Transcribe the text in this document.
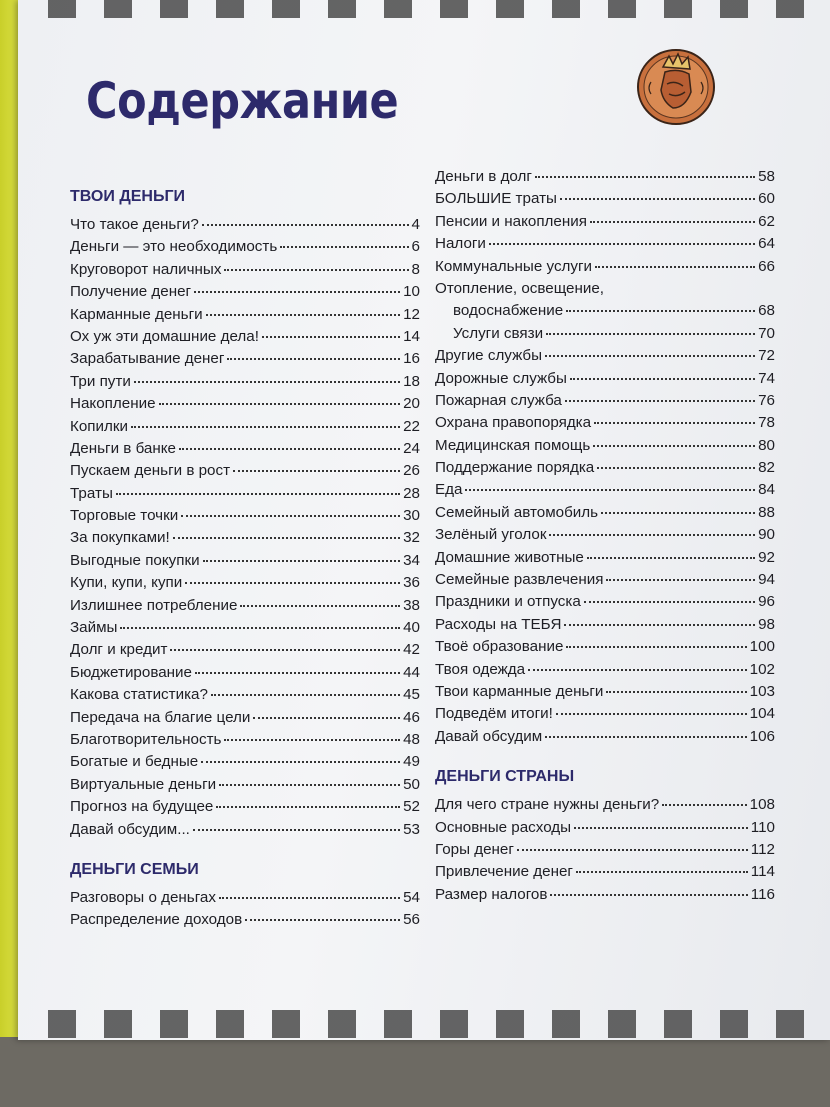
Содержание
ТВОИ ДЕНЬГИ
Что такое деньги?	4
Деньги — это необходимость	6
Круговорот наличных	8
Получение денег	10
Карманные деньги	12
Ох уж эти домашние дела!	14
Зарабатывание денег	16
Три пути	18
Накопление	20
Копилки	22
Деньги в банке	24
Пускаем деньги в рост	26
Траты	28
Торговые точки	30
За покупками!	32
Выгодные покупки	34
Купи, купи, купи	36
Излишнее потребление	38
Займы	40
Долг и кредит	42
Бюджетирование	44
Какова статистика?	45
Передача на благие цели	46
Благотворительность	48
Богатые и бедные	49
Виртуальные деньги	50
Прогноз на будущее	52
Давай обсудим...	53
ДЕНЬГИ СЕМЬИ
Разговоры о деньгах	54
Распределение доходов	56
Деньги в долг	58
БОЛЬШИЕ траты	60
Пенсии и накопления	62
Налоги	64
Коммунальные услуги	66
Отопление, освещение,
водоснабжение	68
Услуги связи	70
Другие службы	72
Дорожные службы	74
Пожарная служба	76
Охрана правопорядка	78
Медицинская помощь	80
Поддержание порядка	82
Еда	84
Семейный автомобиль	88
Зелёный уголок	90
Домашние животные	92
Семейные развлечения	94
Праздники и отпуска	96
Расходы на ТЕБЯ	98
Твоё образование	100
Твоя одежда	102
Твои карманные деньги	103
Подведём итоги!	104
Давай обсудим	106
ДЕНЬГИ СТРАНЫ
Для чего стране нужны деньги?	108
Основные расходы	110
Горы денег	112
Привлечение денег	114
Размер налогов	116
